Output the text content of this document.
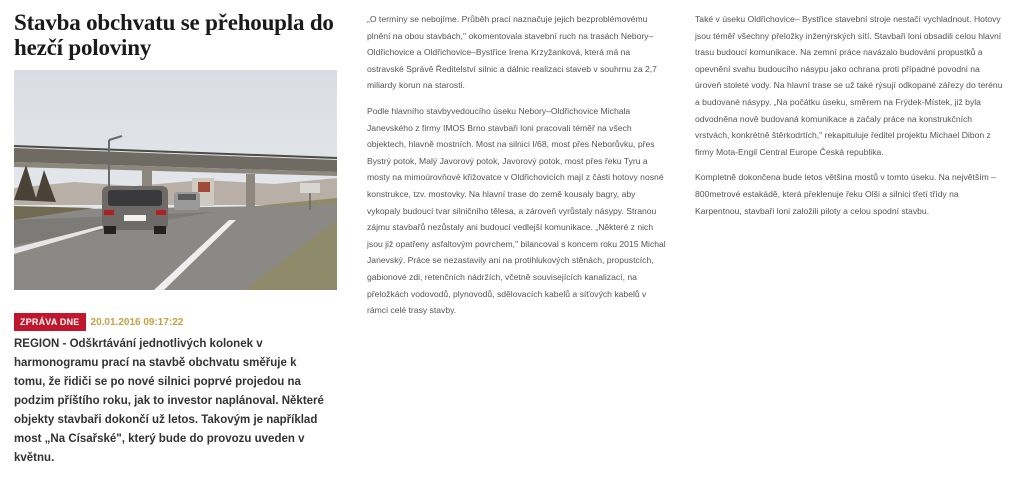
Stavba obchvatu se přehoupla do hezčí poloviny
ZPRÁVA DNE	20.01.2016 09:17:22

REGION - Odškrtávání jednotlivých kolonek v harmonogramu prací na stavbě obchvatu směřuje k tomu, že řidiči se po nové silnici poprvé projedou na podzim příštího roku, jak to investor naplánoval. Některé objekty stavbaři dokončí už letos. Takovým je například most „Na Císařské", který bude do provozu uveden v květnu.

„O termíny se nebojíme. Průběh prací naznačuje jejich bezproblémovému plnění na obou stavbách," okomentovala stavební ruch na trasách Nebory–Oldřichovice a Oldřichovice–Bystřice Irena Krzyžanková, která má na ostravské Správě Ředitelství silnic a dálnic realizaci staveb v souhrnu za 2,7 miliardy korun na starosti.

Podle hlavního stavbyvedoucího úseku Nebory–Oldřichovice Michala Janevského z firmy IMOS Brno stavbaři loni pracovali téměř na všech objektech, hlavně mostních. Most na silnici I/68, most přes Neborůvku, přes Bystrý potok, Malý Javorový potok, Javorový potok, most přes řeku Tyru a mosty na mimoúrovňové křižovatce v Oldřichovicích mají z části hotovy nosné konstrukce, tzv. mostovky. Na hlavní trase do země kousaly bagry, aby vykopaly budoucí tvar silničního tělesa, a zároveň vyrůstaly násypy. Stranou zájmu stavbařů nezůstaly ani budoucí vedlejší komunikace. „Některé z nich jsou již opatřeny asfaltovým povrchem," bilancoval s koncem roku 2015 Michal Janevský. Práce se nezastavily ani na protihlukových stěnách, propustcích, gabionové zdi, retenčních nádržích, včetně souvisejících kanalizací, na přeložkách vodovodů, plynovodů, sdělovacích kabelů a síťových kabelů v rámci celé trasy stavby.

Také v úseku Oldřichovice– Bystřice stavební stroje nestačí vychladnout. Hotovy jsou téměř všechny přeložky inženýrských sítí. Stavbaři loni obsadili celou hlavní trasu budoucí komunikace. Na zemní práce navázalo budování propustků a opevnění svahu budoucího násypu jako ochrana proti případné povodni na úroveň stoleté vody. Na hlavní trase se už také rýsují odkopané zářezy do terénu a budované násypy. „Na počátku úseku, směrem na Frýdek-Místek, již byla odvodněna nově budovaná komunikace a začaly práce na konstrukčních vrstvách, konkrétně štěrkodrtích," rekapituluje ředitel projektu Michael Dibon z firmy Mota-Engil Central Europe Česká republika.

Kompletně dokončena bude letos většina mostů v tomto úseku. Na největším – 800metrové estakádě, která překlenuje řeku Olši a silnici třetí třídy na Karpentnou, stavbaři loni založili piloty a celou spodní stavbu.
